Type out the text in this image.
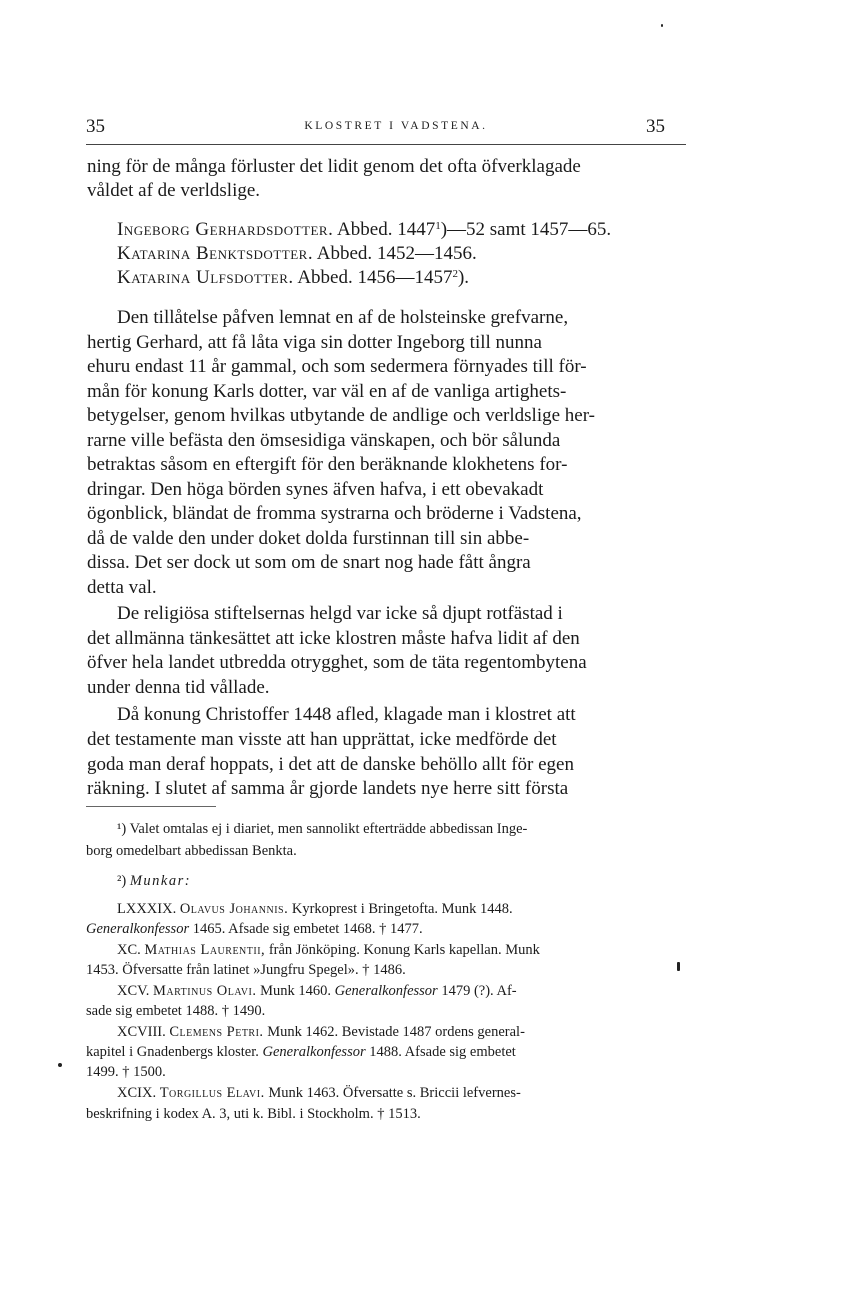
35	KLOSTRET I VADSTENA.	35
ning för de många förluster det lidit genom det ofta öfverklagade
våldet af de verldslige.
Ingeborg Gerhardsdotter. Abbed. 1447$^1$)—52 samt 1457—65.
Katarina Benktsdotter. Abbed. 1452—1456.
Katarina Ulfsdotter. Abbed. 1456—1457$^2$).
Den tillåtelse påfven lemnat en af de holsteinske grefvarne,
hertig Gerhard, att få låta viga sin dotter Ingeborg till nunna
ehuru endast 11 år gammal, och som sedermera förnyades till för-
mån för konung Karls dotter, var väl en af de vanliga artighets-
betygelser, genom hvilkas utbytande de andlige och verldslige her-
rarne ville befästa den ömsesidiga vänskapen, och bör sålunda
betraktas såsom en eftergift för den beräknande klokhetens for-
dringar. Den höga börden synes äfven hafva, i ett obevakadt
ögonblick, bländat de fromma systrarna och bröderne i Vadstena,
då de valde den under doket dolda furstinnan till sin abbe-
dissa. Det ser dock ut som om de snart nog hade fått ångra
detta val.
De religiösa stiftelsernas helgd var icke så djupt rotfästad i
det allmänna tänkesättet att icke klostren måste hafva lidit af den
öfver hela landet utbredda otrygghet, som de täta regentombytena
under denna tid vållade.
Då konung Christoffer 1448 afled, klagade man i klostret att
det testamente man visste att han upprättat, icke medförde det
goda man deraf hoppats, i det att de danske behöllo allt för egen
räkning. I slutet af samma år gjorde landets nye herre sitt första
¹) Valet omtalas ej i diariet, men sannolikt efterträdde abbedissan Inge-
borg omedelbart abbedissan Benkta.
²) Munkar:
LXXXIX. Olavus Johannis. Kyrkoprest i Bringetofta. Munk 1448.
Generalkonfessor 1465. Afsade sig embetet 1468. † 1477.
XC. Mathias Laurentii, från Jönköping. Konung Karls kapellan. Munk
1453. Öfversatte från latinet »Jungfru Spegel». † 1486.
XCV. Martinus Olavi. Munk 1460. Generalkonfessor 1479 (?). Af-
sade sig embetet 1488. † 1490.
XCVIII. Clemens Petri. Munk 1462. Bevistade 1487 ordens general-
kapitel i Gnadenbergs kloster. Generalkonfessor 1488. Afsade sig embetet
1499. † 1500.
XCIX. Torgillus Elavi. Munk 1463. Öfversatte s. Briccii lefvernes-
beskrifning i kodex A. 3, uti k. Bibl. i Stockholm. † 1513.
